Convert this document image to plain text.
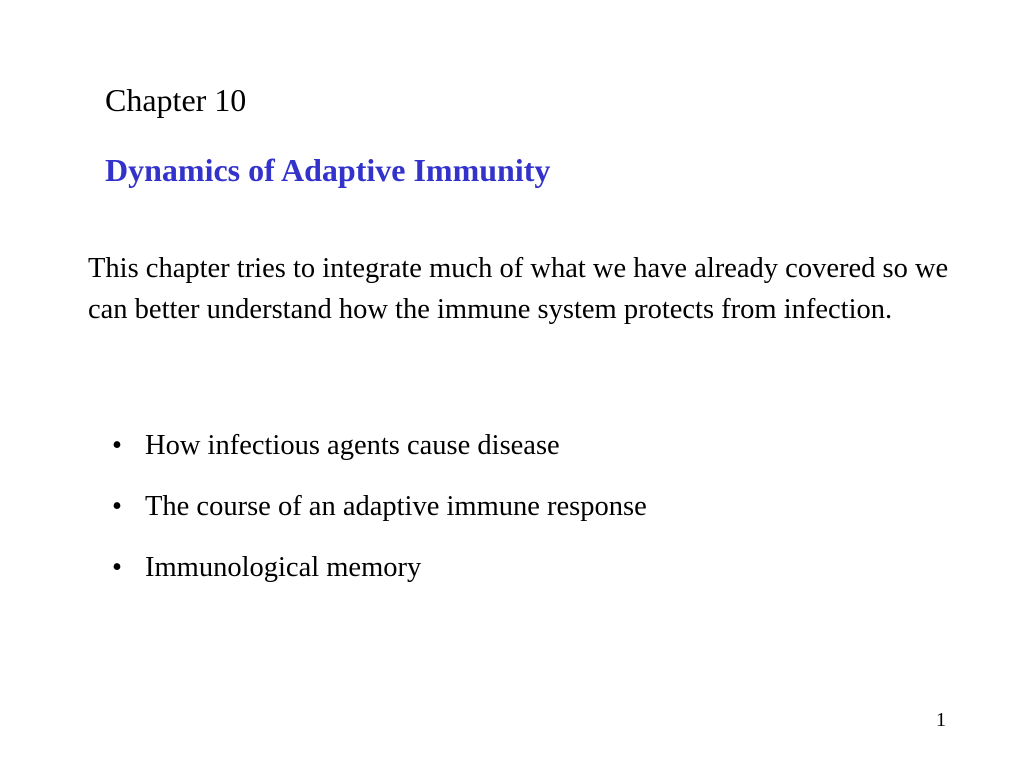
Chapter 10
Dynamics of Adaptive Immunity
This chapter tries to integrate much of what we have already covered so we can better understand how the immune system protects from infection.
• How infectious agents cause disease
• The course of an adaptive immune response
• Immunological memory
1
